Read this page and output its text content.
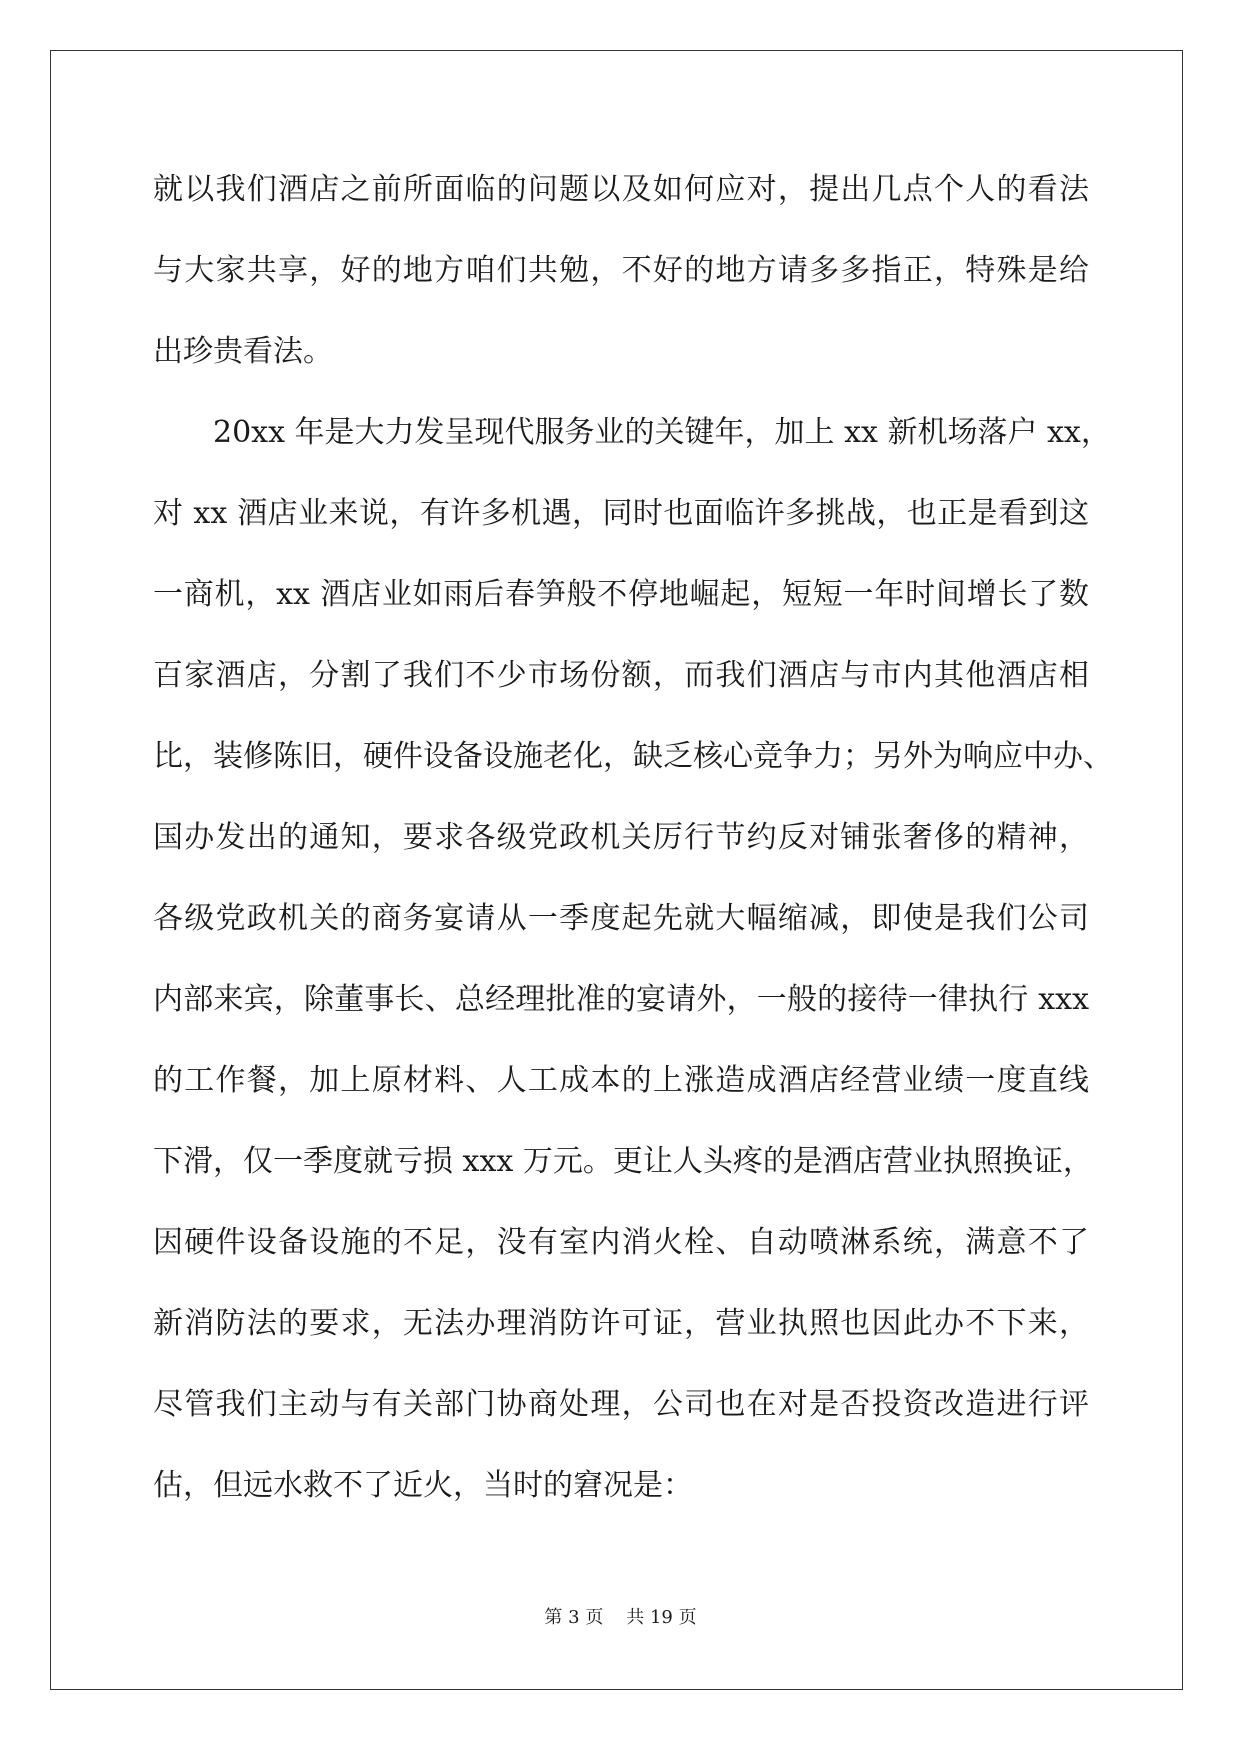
就以我们酒店之前所面临的问题以及如何应对，提出几点个人的看法
与大家共享，好的地方咱们共勉，不好的地方请多多指正，特殊是给
出珍贵看法。
20xx 年是大力发呈现代服务业的关键年，加上 xx 新机场落户 xx，
对 xx 酒店业来说，有许多机遇，同时也面临许多挑战，也正是看到这
一商机，xx 酒店业如雨后春笋般不停地崛起，短短一年时间增长了数
百家酒店，分割了我们不少市场份额，而我们酒店与市内其他酒店相
比，装修陈旧，硬件设备设施老化，缺乏核心竞争力；另外为响应中办、
国办发出的通知，要求各级党政机关厉行节约反对铺张奢侈的精神，
各级党政机关的商务宴请从一季度起先就大幅缩减，即使是我们公司
内部来宾，除董事长、总经理批准的宴请外，一般的接待一律执行 xxx
的工作餐，加上原材料、人工成本的上涨造成酒店经营业绩一度直线
下滑，仅一季度就亏损 xxx 万元。更让人头疼的是酒店营业执照换证，
因硬件设备设施的不足，没有室内消火栓、自动喷淋系统，满意不了
新消防法的要求，无法办理消防许可证，营业执照也因此办不下来，
尽管我们主动与有关部门协商处理，公司也在对是否投资改造进行评
估，但远水救不了近火，当时的窘况是：
第 3 页 共 19 页
